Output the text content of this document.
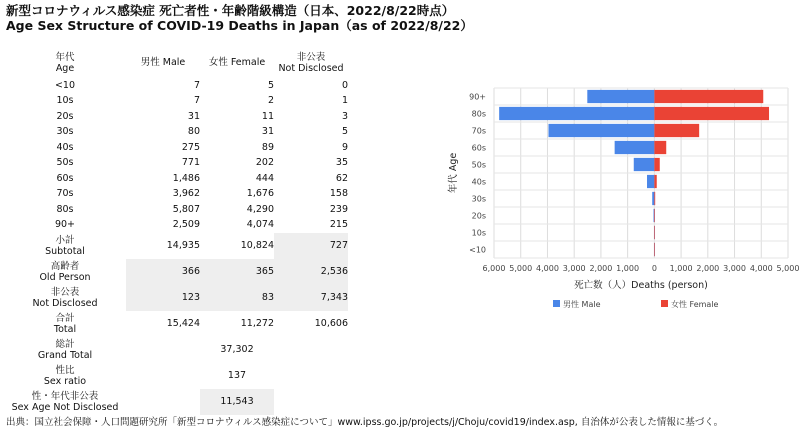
新型コロナウィルス感染症 死亡者性・年齢階級構造（日本、2022/8/22時点）
Age Sex Structure of COVID-19 Deaths in Japan（as of 2022/8/22）
年代
Age	男性 Male	女性 Female	非公表
Not Disclosed

<10	7	5	0
10s	7	2	1
20s	31	11	3
30s	80	31	5
40s	275	89	9
50s	771	202	35
60s	1,486	444	62
70s	3,962	1,676	158
80s	5,807	4,290	239
90+	2,509	4,074	215

小計
Subtotal	14,935	10,824	727

高齢者
Old Person	366	365	2,536

非公表
Not Disclosed	123	83	7,343

合計
Total	15,424	11,272	10,606

総計
Grand Total		37,302	

性比
Sex ratio		137	

性・年代非公表
Sex Age Not Disclosed		11,543	
<10
10s
20s
30s
40s
50s
60s
70s
80s
90+
6,000 5,000 4,000 3,000 2,000 1,000 0 1,000 2,000 3,000 4,000 5,000
年代 Age
死亡数（人）Deaths (person)
男性 Male	女性 Female
出典：国立社会保障・人口問題研究所「新型コロナウィルス感染症について」www.ipss.go.jp/projects/j/Choju/covid19/index.asp, 自治体が公表した情報に基づく。
